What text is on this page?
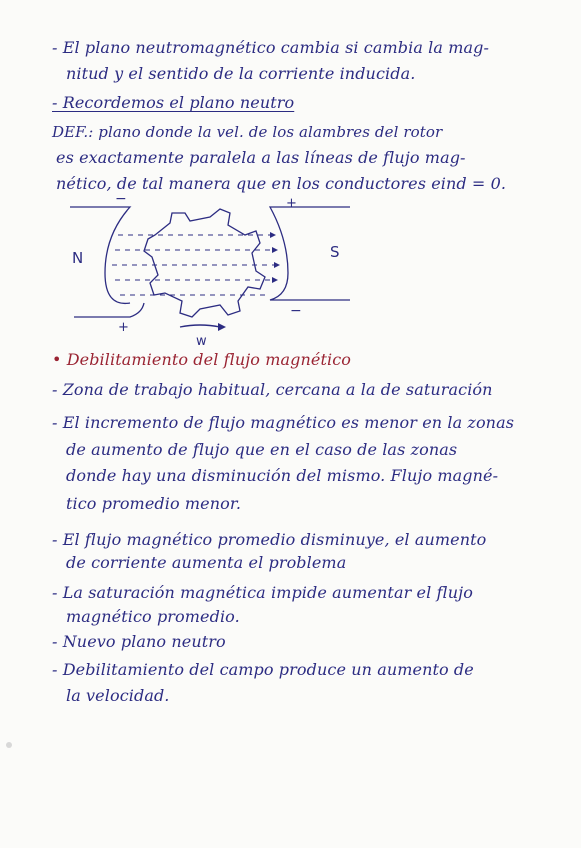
- El plano neutromagnético cambia si cambia la mag-
nitud y el sentido de la corriente inducida.
- Recordemos el plano neutro
DEF.: plano donde la vel. de los alambres del rotor
es exactamente paralela a las líneas de flujo mag-
nético, de tal manera que en los conductores eind = 0.
N	S
−	+
+
−
w
• Debilitamiento del flujo magnético
- Zona de trabajo habitual, cercana a la de saturación
- El incremento de flujo magnético es menor en la zonas
de aumento de flujo que en el caso de las zonas
donde hay una disminución del mismo. Flujo magné-
tico promedio menor.
- El flujo magnético promedio disminuye, el aumento
de corriente aumenta el problema
- La saturación magnética impide aumentar el flujo
magnético promedio.
- Nuevo plano neutro
- Debilitamiento del campo produce un aumento de
la velocidad.
